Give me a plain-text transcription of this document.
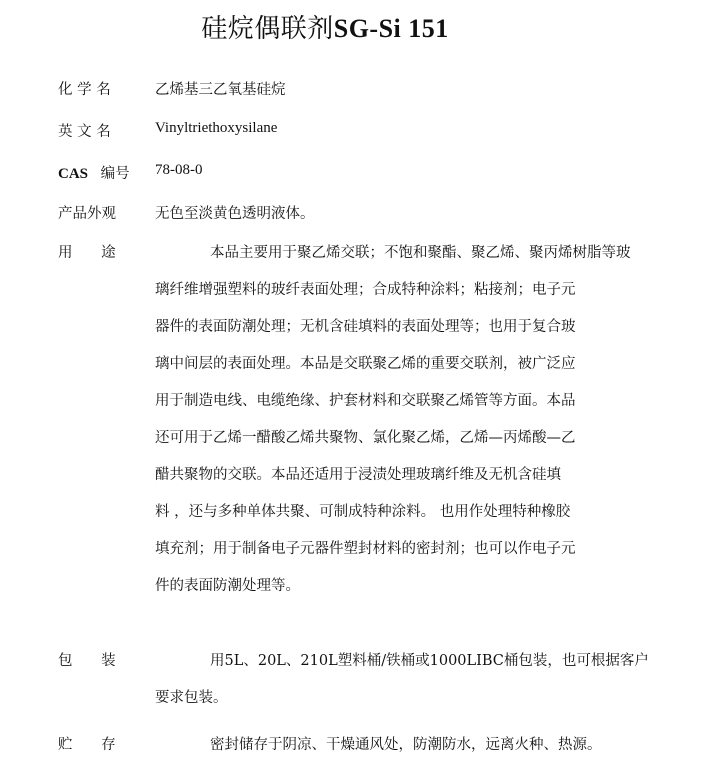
硅烷偶联剂SG-Si 151
化 学 名	乙烯基三乙氧基硅烷
英 文 名	Vinyltriethoxysilane
CAS 编号 78-08-0
产品外观	无色至淡黄色透明液体。
用 途	本品主要用于聚乙烯交联；不饱和聚酯、聚乙烯、聚丙烯树脂等玻
璃纤维增强塑料的玻纤表面处理；合成特种涂料；粘接剂；电子元
器件的表面防潮处理；无机含硅填料的表面处理等；也用于复合玻
璃中间层的表面处理。本品是交联聚乙烯的重要交联剂，被广泛应
用于制造电线、电缆绝缘、护套材料和交联聚乙烯管等方面。本品
还可用于乙烯一醋酸乙烯共聚物、氯化聚乙烯，乙烯—丙烯酸—乙
醋共聚物的交联。本品还适用于浸渍处理玻璃纤维及无机含硅填
料 ，还与多种单体共聚、可制成特种涂料。 也用作处理特种橡胶
填充剂；用于制备电子元器件塑封材料的密封剂；也可以作电子元
件的表面防潮处理等。
包 装	用5L、20L、210L塑料桶/铁桶或1000LIBC桶包装，也可根据客户
要求包装。
贮 存	密封储存于阴凉、干燥通风处，防潮防水，远离火种、热源。
